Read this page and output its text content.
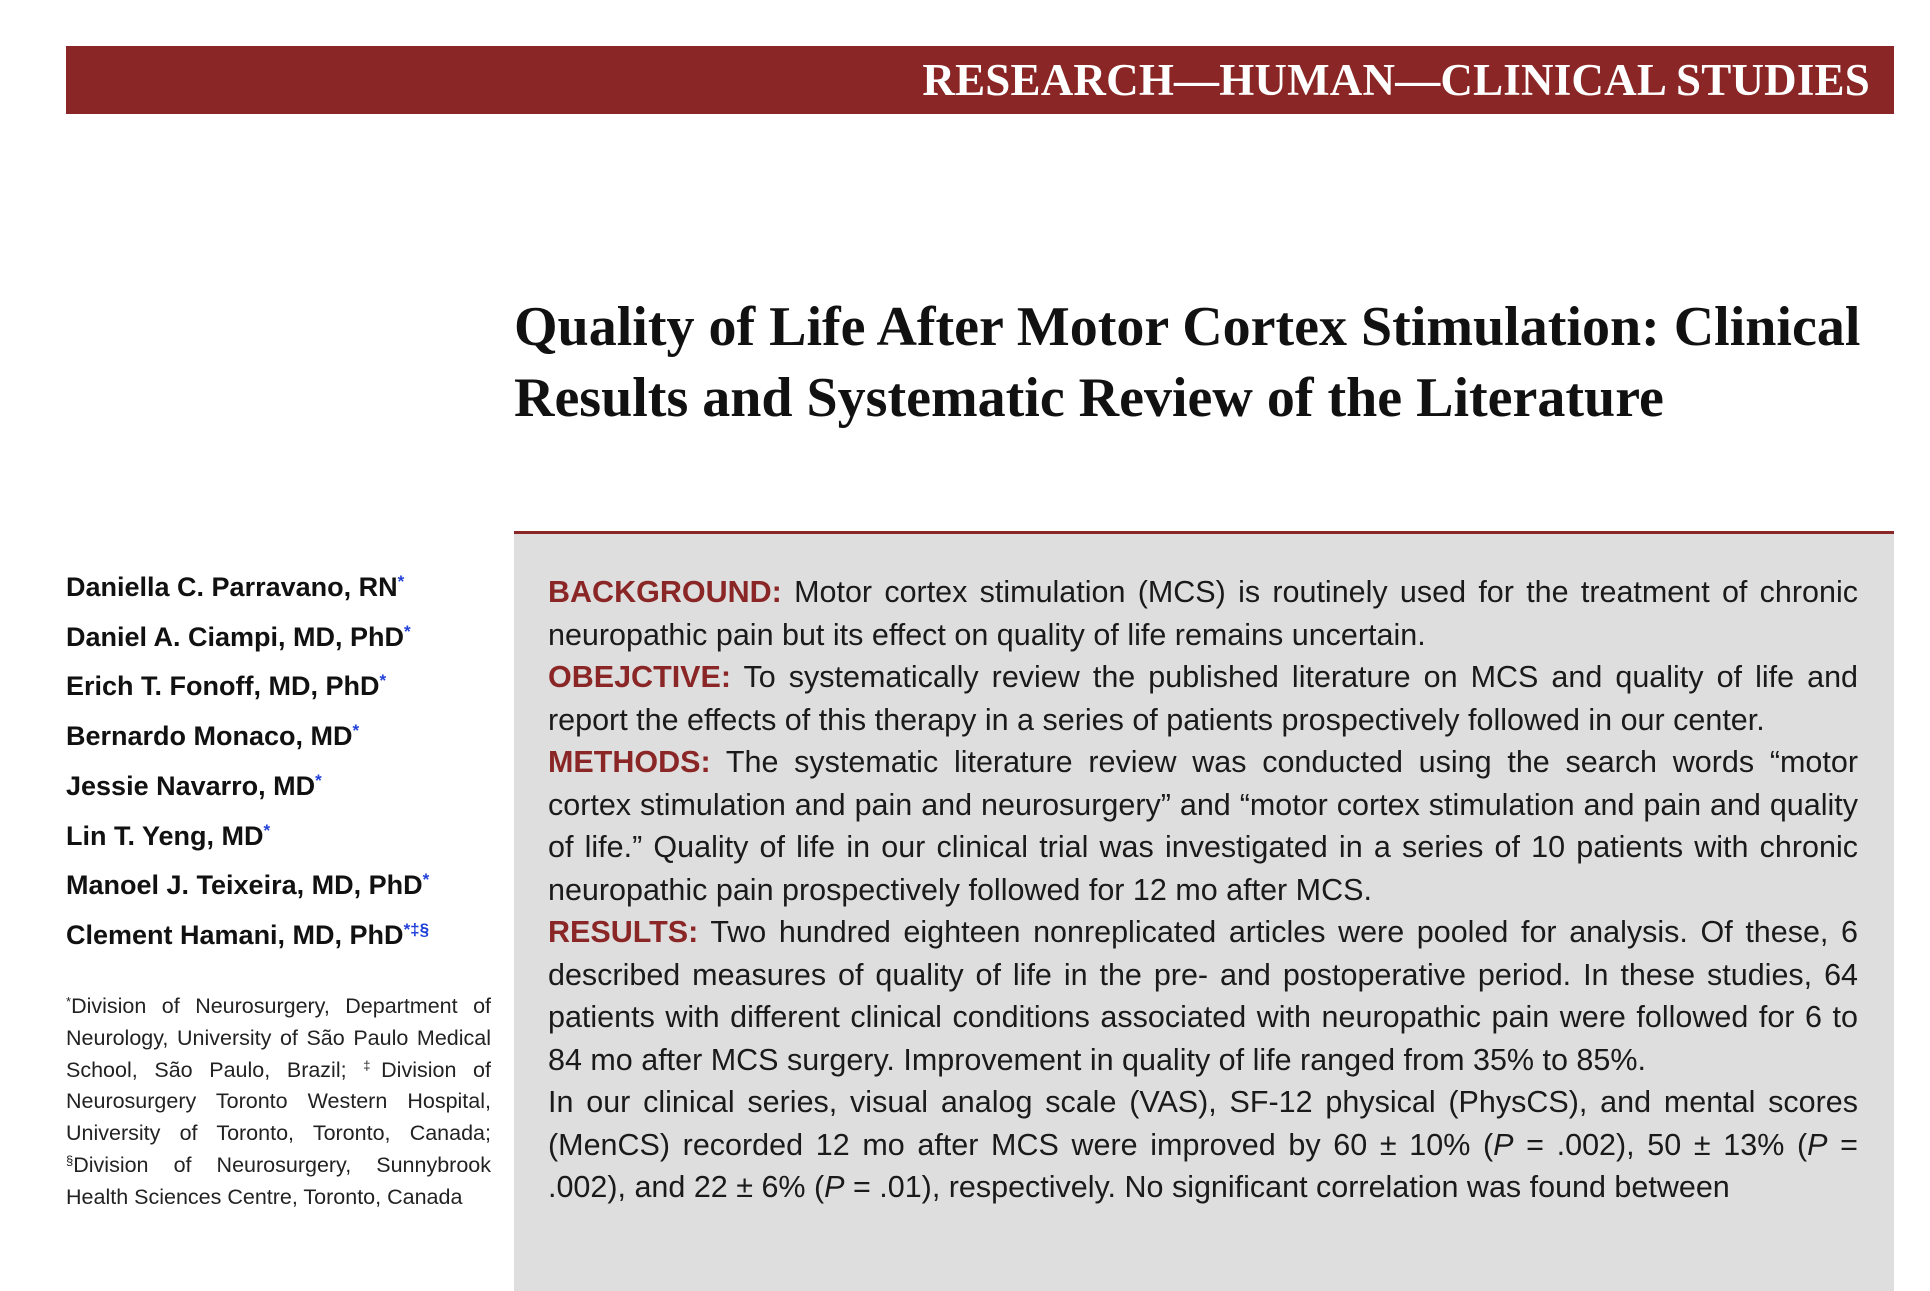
RESEARCH—HUMAN—CLINICAL STUDIES
Quality of Life After Motor Cortex Stimulation: Clinical Results and Systematic Review of the Literature
Daniella C. Parravano, RN*
Daniel A. Ciampi, MD, PhD*
Erich T. Fonoff, MD, PhD*
Bernardo Monaco, MD*
Jessie Navarro, MD*
Lin T. Yeng, MD*
Manoel J. Teixeira, MD, PhD*
Clement Hamani, MD, PhD*‡§

*Division of Neurosurgery, Department of Neurology, University of São Paulo Medical School, São Paulo, Brazil; ‡Division of Neurosurgery Toronto Western Hospital, University of Toronto, Toronto, Canada; §Division of Neurosurgery, Sunnybrook Health Sciences Centre, Toronto, Canada

BACKGROUND: Motor cortex stimulation (MCS) is routinely used for the treatment of chronic neuropathic pain but its effect on quality of life remains uncertain.

OBEJCTIVE: To systematically review the published literature on MCS and quality of life and report the effects of this therapy in a series of patients prospectively followed in our center.

METHODS: The systematic literature review was conducted using the search words “motor cortex stimulation and pain and neurosurgery” and “motor cortex stimulation and pain and quality of life.” Quality of life in our clinical trial was investigated in a series of 10 patients with chronic neuropathic pain prospectively followed for 12 mo after MCS.

RESULTS: Two hundred eighteen nonreplicated articles were pooled for analysis. Of these, 6 described measures of quality of life in the pre- and postoperative period. In these studies, 64 patients with different clinical conditions associated with neuropathic pain were followed for 6 to 84 mo after MCS surgery. Improvement in quality of life ranged from 35% to 85%.

In our clinical series, visual analog scale (VAS), SF-12 physical (PhysCS), and mental scores (MenCS) recorded 12 mo after MCS were improved by 60 ± 10% (P = .002), 50 ± 13% (P = .002), and 22 ± 6% (P = .01), respectively. No significant correlation was found between
